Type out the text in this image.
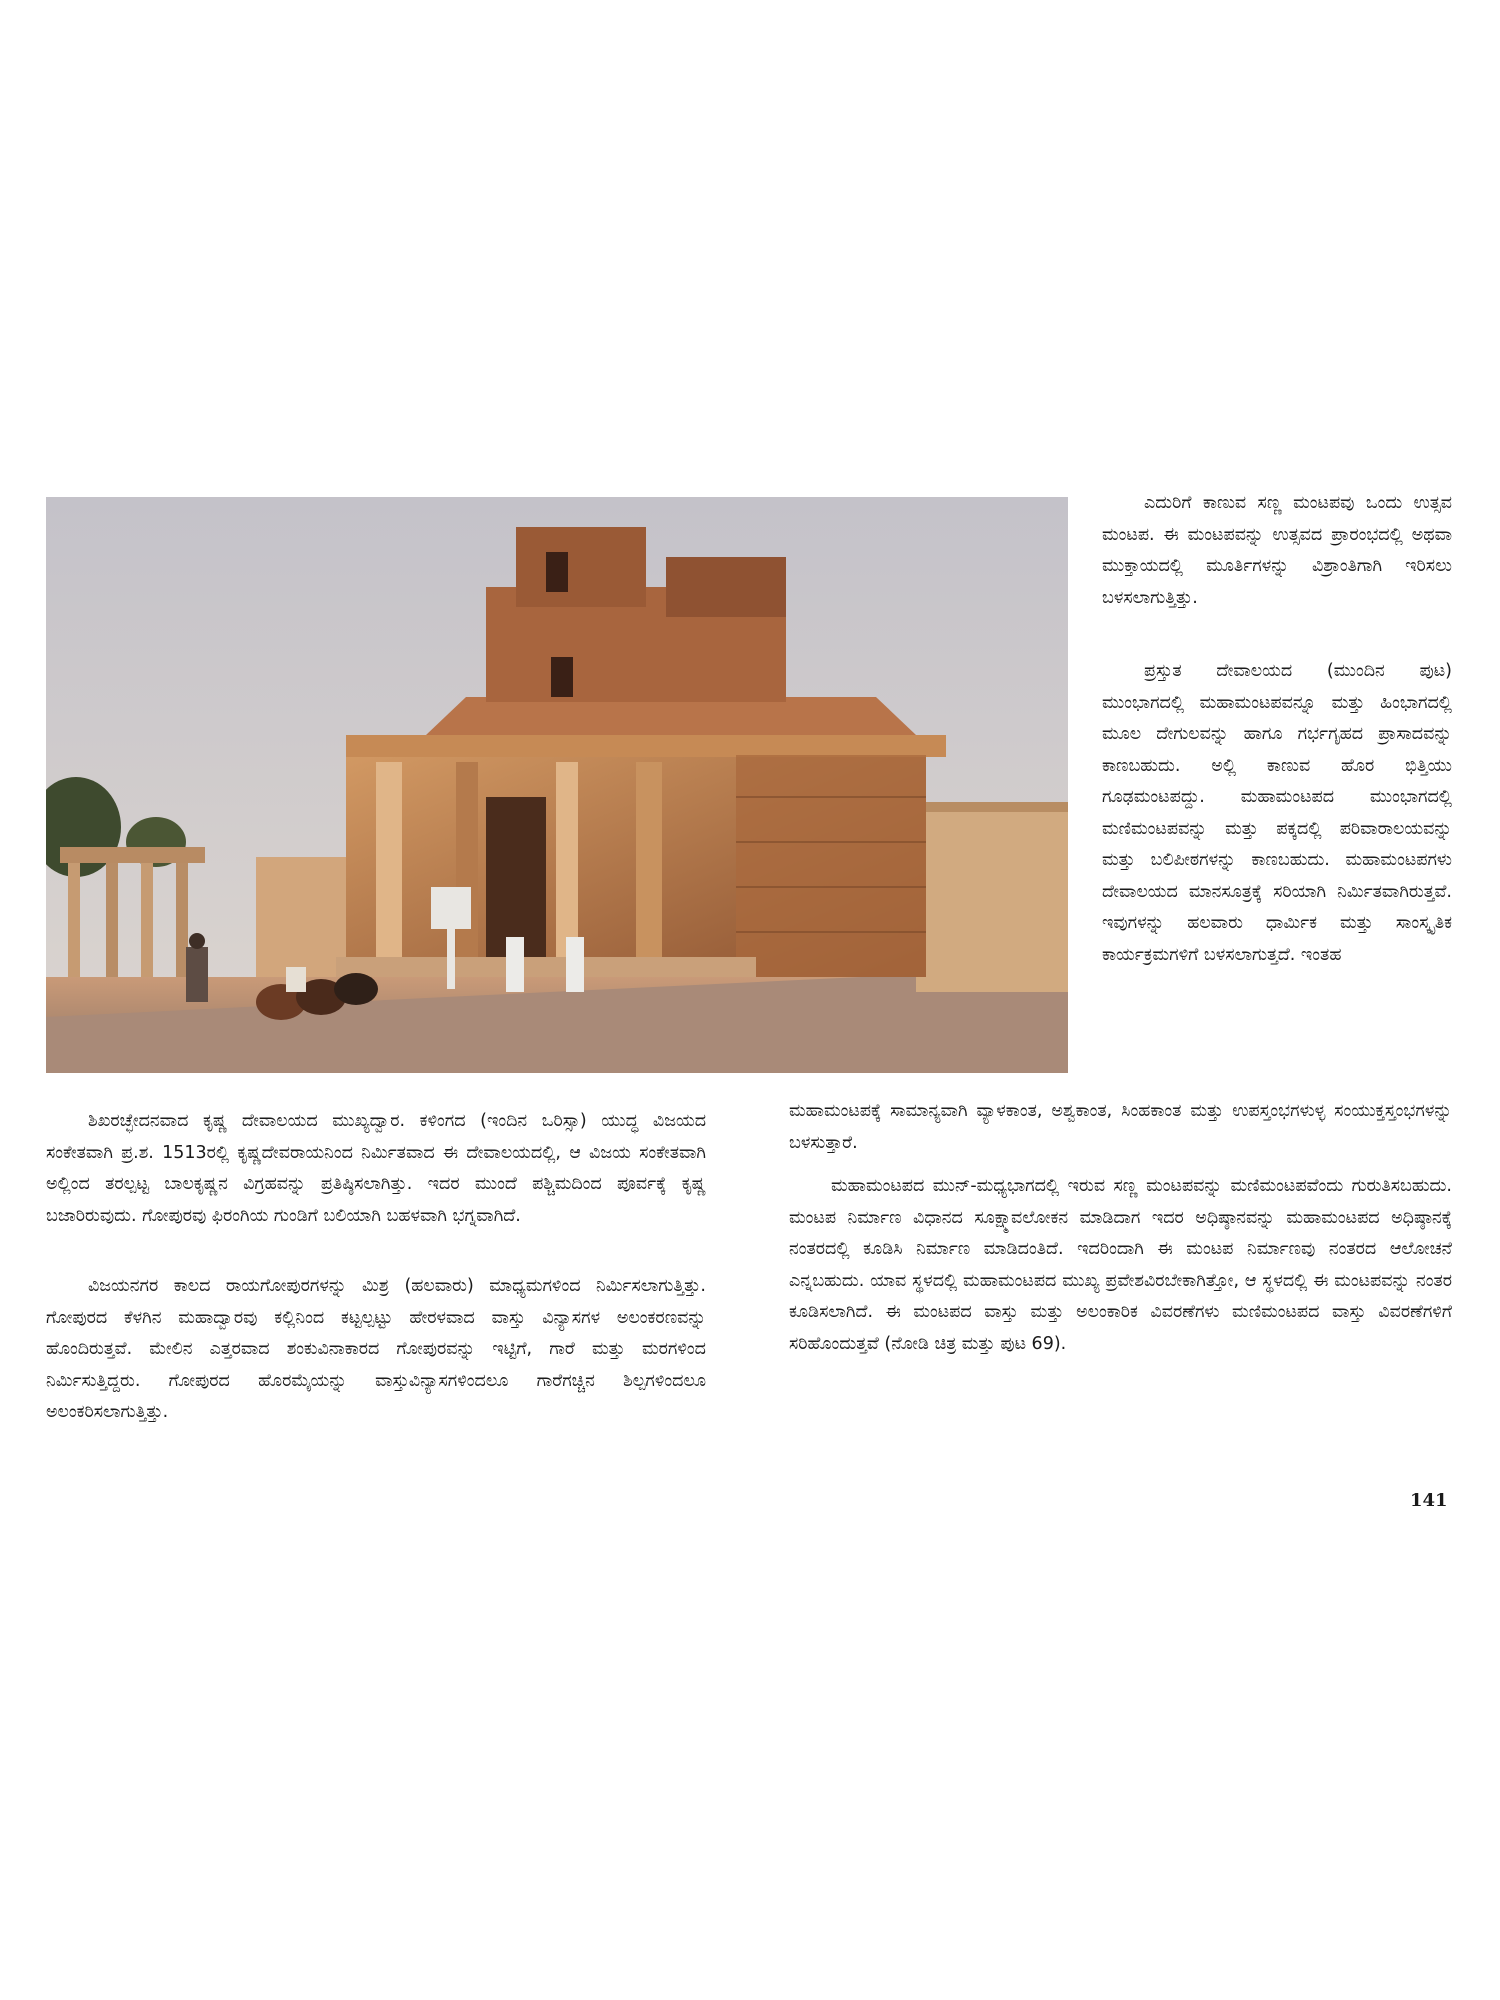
ಎದುರಿಗೆ ಕಾಣುವ ಸಣ್ಣ ಮಂಟಪವು ಒಂದು ಉತ್ಸವ ಮಂಟಪ. ಈ ಮಂಟಪವನ್ನು ಉತ್ಸವದ ಪ್ರಾರಂಭದಲ್ಲಿ ಅಥವಾ ಮುಕ್ತಾಯದಲ್ಲಿ ಮೂರ್ತಿಗಳನ್ನು ವಿಶ್ರಾಂತಿಗಾಗಿ ಇರಿಸಲು ಬಳಸಲಾಗುತ್ತಿತ್ತು.

ಪ್ರಸ್ತುತ ದೇವಾಲಯದ (ಮುಂದಿನ ಪುಟ) ಮುಂಭಾಗದಲ್ಲಿ ಮಹಾಮಂಟಪವನ್ನೂ ಮತ್ತು ಹಿಂಭಾಗದಲ್ಲಿ ಮೂಲ ದೇಗುಲವನ್ನು ಹಾಗೂ ಗರ್ಭಗೃಹದ ಪ್ರಾಸಾದವನ್ನು ಕಾಣಬಹುದು. ಅಲ್ಲಿ ಕಾಣುವ ಹೊರ ಭಿತ್ತಿಯು ಗೂಢಮಂಟಪದ್ದು. ಮಹಾಮಂಟಪದ ಮುಂಭಾಗದಲ್ಲಿ ಮಣಿಮಂಟಪವನ್ನು ಮತ್ತು ಪಕ್ಕದಲ್ಲಿ ಪರಿವಾರಾಲಯವನ್ನು ಮತ್ತು ಬಲಿಪೀಠಗಳನ್ನು ಕಾಣಬಹುದು. ಮಹಾಮಂಟಪಗಳು ದೇವಾಲಯದ ಮಾನಸೂತ್ರಕ್ಕೆ ಸರಿಯಾಗಿ ನಿರ್ಮಿತವಾಗಿರುತ್ತವೆ. ಇವುಗಳನ್ನು ಹಲವಾರು ಧಾರ್ಮಿಕ ಮತ್ತು ಸಾಂಸ್ಕೃತಿಕ ಕಾರ್ಯಕ್ರಮಗಳಿಗೆ ಬಳಸಲಾಗುತ್ತದೆ. ಇಂತಹ

ಶಿಖರಚ್ಛೇದನವಾದ ಕೃಷ್ಣ ದೇವಾಲಯದ ಮುಖ್ಯದ್ವಾರ. ಕಳಿಂಗದ (ಇಂದಿನ ಒರಿಸ್ಸಾ) ಯುದ್ಧ ವಿಜಯದ ಸಂಕೇತವಾಗಿ ಪ್ರ.ಶ. 1513ರಲ್ಲಿ ಕೃಷ್ಣದೇವರಾಯನಿಂದ ನಿರ್ಮಿತವಾದ ಈ ದೇವಾಲಯದಲ್ಲಿ, ಆ ವಿಜಯ ಸಂಕೇತವಾಗಿ ಅಲ್ಲಿಂದ ತರಲ್ಪಟ್ಟ ಬಾಲಕೃಷ್ಣನ ವಿಗ್ರಹವನ್ನು ಪ್ರತಿಷ್ಠಿಸಲಾಗಿತ್ತು. ಇದರ ಮುಂದೆ ಪಶ್ಚಿಮದಿಂದ ಪೂರ್ವಕ್ಕೆ ಕೃಷ್ಣ ಬಜಾರಿರುವುದು. ಗೋಪುರವು ಫಿರಂಗಿಯ ಗುಂಡಿಗೆ ಬಲಿಯಾಗಿ ಬಹಳವಾಗಿ ಭಗ್ನವಾಗಿದೆ.

ವಿಜಯನಗರ ಕಾಲದ ರಾಯಗೋಪುರಗಳನ್ನು ಮಿಶ್ರ (ಹಲವಾರು) ಮಾಧ್ಯಮಗಳಿಂದ ನಿರ್ಮಿಸಲಾಗುತ್ತಿತ್ತು. ಗೋಪುರದ ಕೆಳಗಿನ ಮಹಾದ್ವಾರವು ಕಲ್ಲಿನಿಂದ ಕಟ್ಟಲ್ಪಟ್ಟು ಹೇರಳವಾದ ವಾಸ್ತು ವಿನ್ಯಾಸಗಳ ಅಲಂಕರಣವನ್ನು ಹೊಂದಿರುತ್ತವೆ. ಮೇಲಿನ ಎತ್ತರವಾದ ಶಂಕುವಿನಾಕಾರದ ಗೋಪುರವನ್ನು ಇಟ್ಟಿಗೆ, ಗಾರೆ ಮತ್ತು ಮರಗಳಿಂದ ನಿರ್ಮಿಸುತ್ತಿದ್ದರು. ಗೋಪುರದ ಹೊರಮೈಯನ್ನು ವಾಸ್ತುವಿನ್ಯಾಸಗಳಿಂದಲೂ ಗಾರೆಗಚ್ಚಿನ ಶಿಲ್ಪಗಳಿಂದಲೂ ಅಲಂಕರಿಸಲಾಗುತ್ತಿತ್ತು.

ಮಹಾಮಂಟಪಕ್ಕೆ ಸಾಮಾನ್ಯವಾಗಿ ವ್ಯಾಳಕಾಂತ, ಅಶ್ವಕಾಂತ, ಸಿಂಹಕಾಂತ ಮತ್ತು ಉಪಸ್ತಂಭಗಳುಳ್ಳ ಸಂಯುಕ್ತಸ್ತಂಭಗಳನ್ನು ಬಳಸುತ್ತಾರೆ.

ಮಹಾಮಂಟಪದ ಮುನ್-ಮಧ್ಯಭಾಗದಲ್ಲಿ ಇರುವ ಸಣ್ಣ ಮಂಟಪವನ್ನು ಮಣಿಮಂಟಪವೆಂದು ಗುರುತಿಸಬಹುದು. ಮಂಟಪ ನಿರ್ಮಾಣ ವಿಧಾನದ ಸೂಕ್ಷ್ಮಾವಲೋಕನ ಮಾಡಿದಾಗ ಇದರ ಅಧಿಷ್ಠಾನವನ್ನು ಮಹಾಮಂಟಪದ ಅಧಿಷ್ಠಾನಕ್ಕೆ ನಂತರದಲ್ಲಿ ಕೂಡಿಸಿ ನಿರ್ಮಾಣ ಮಾಡಿದಂತಿದೆ. ಇದರಿಂದಾಗಿ ಈ ಮಂಟಪ ನಿರ್ಮಾಣವು ನಂತರದ ಆಲೋಚನೆ ಎನ್ನಬಹುದು. ಯಾವ ಸ್ಥಳದಲ್ಲಿ ಮಹಾಮಂಟಪದ ಮುಖ್ಯ ಪ್ರವೇಶವಿರಬೇಕಾಗಿತ್ತೋ, ಆ ಸ್ಥಳದಲ್ಲಿ ಈ ಮಂಟಪವನ್ನು ನಂತರ ಕೂಡಿಸಲಾಗಿದೆ. ಈ ಮಂಟಪದ ವಾಸ್ತು ಮತ್ತು ಅಲಂಕಾರಿಕ ವಿವರಣೆಗಳು ಮಣಿಮಂಟಪದ ವಾಸ್ತು ವಿವರಣೆಗಳಿಗೆ ಸರಿಹೊಂದುತ್ತವೆ (ನೋಡಿ ಚಿತ್ರ ಮತ್ತು ಪುಟ 69).

141
